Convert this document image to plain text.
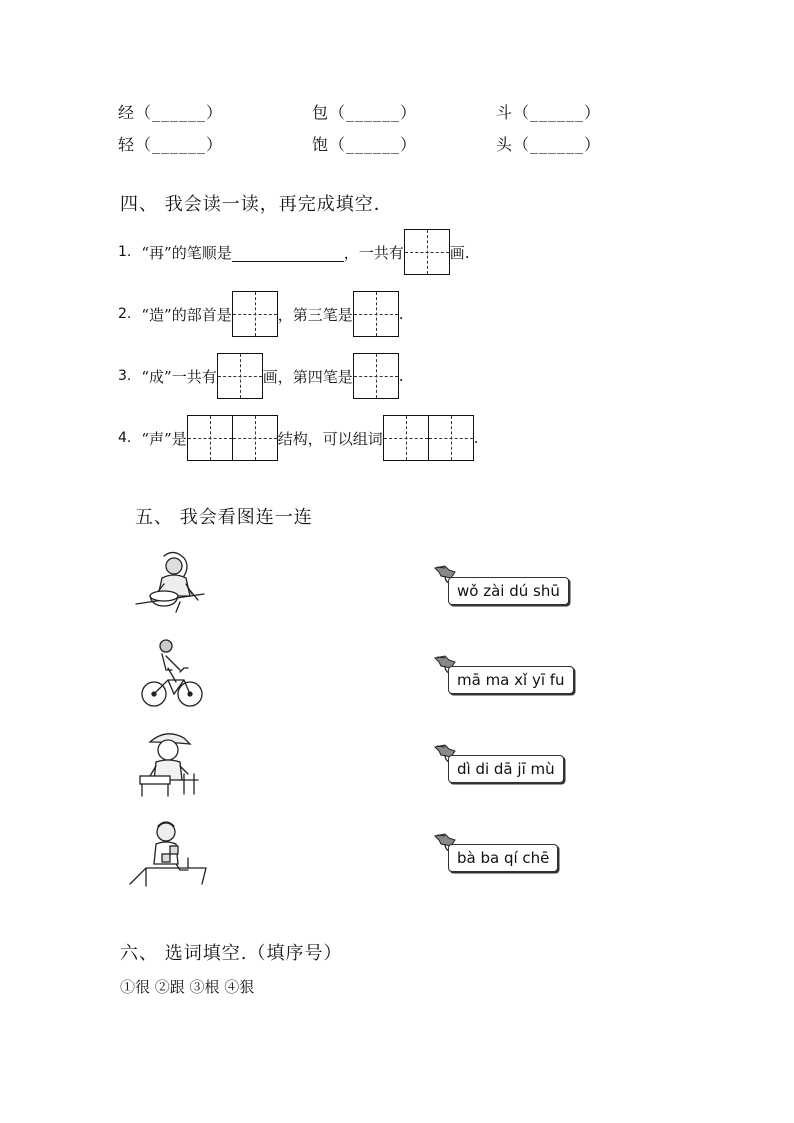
经（______）	包（______）	斗（______）
轻（______）	饱（______）	头（______）
四、 我会读一读，再完成填空．
1. “再”的笔顺是	，一共有	画.
2. “造”的部首是	，第三笔是	.
3. “成”一共有	画，第四笔是	.
4. “声”是	结构，可以组词	.
五、 我会看图连一连
wǒ zài dú shū
mā ma xǐ yī fu
dì di dā jī mù
bà ba qí chē
六、 选词填空.（填序号）
①很 ②跟 ③根 ④狠
